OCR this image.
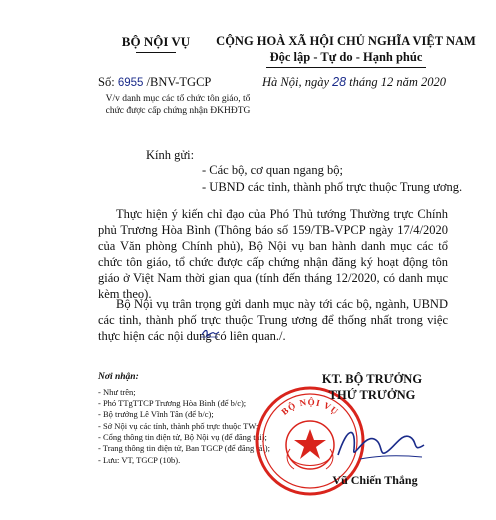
BỘ NỘI VỤ	CỘNG HOÀ XÃ HỘI CHỦ NGHĨA VIỆT NAM
Độc lập - Tự do - Hạnh phúc
Số: 6955 /BNV-TGCP	Hà Nội, ngày 28 tháng 12 năm 2020
V/v danh mục các tổ chức tôn giáo, tổ chức được cấp chứng nhận ĐKHĐTG
Kính gửi:
- Các bộ, cơ quan ngang bộ;
- UBND các tỉnh, thành phố trực thuộc Trung ương.
Thực hiện ý kiến chỉ đạo của Phó Thủ tướng Thường trực Chính phủ Trương Hòa Bình (Thông báo số 159/TB-VPCP ngày 17/4/2020 của Văn phòng Chính phủ), Bộ Nội vụ ban hành danh mục các tổ chức tôn giáo, tổ chức được cấp chứng nhận đăng ký hoạt động tôn giáo ở Việt Nam thời gian qua (tính đến tháng 12/2020, có danh mục kèm theo).
Bộ Nội vụ trân trọng gửi danh mục này tới các bộ, ngành, UBND các tỉnh, thành phố trực thuộc Trung ương để thống nhất trong việc thực hiện các nội dung có liên quan./.
Nơi nhận:
- Như trên;
- Phó TTgTTCP Trương Hòa Bình (để b/c);
- Bộ trưởng Lê Vĩnh Tân (để b/c);
- Sở Nội vụ các tỉnh, thành phố trực thuộc TW;
- Cổng thông tin điện tử, Bộ Nội vụ (để đăng tải);
- Trang thông tin điện tử, Ban TGCP (để đăng tải);
- Lưu: VT, TGCP (10b).
BỘ NỘI VỤ
KT. BỘ TRƯỞNG
THỨ TRƯỞNG
Vũ Chiến Thắng
